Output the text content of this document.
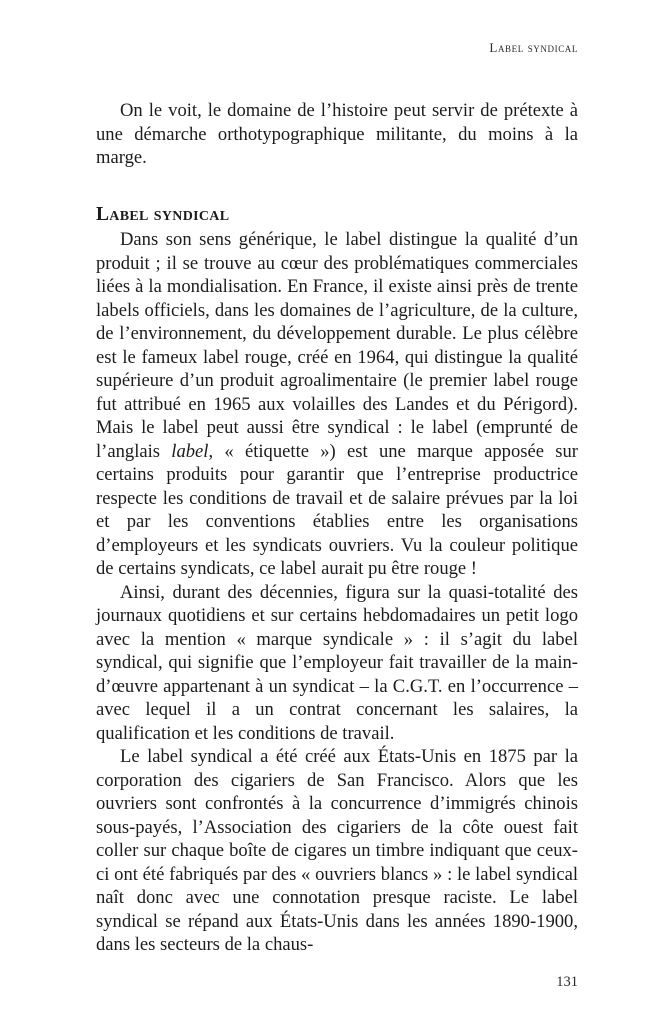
Label syndical

On le voit, le domaine de l’histoire peut servir de prétexte à une démarche orthotypographique militante, du moins à la marge.

Label syndical

Dans son sens générique, le label distingue la qualité d’un produit ; il se trouve au cœur des problématiques commerciales liées à la mondialisation. En France, il existe ainsi près de trente labels officiels, dans les domaines de l’agriculture, de la culture, de l’environnement, du développement durable. Le plus célèbre est le fameux label rouge, créé en 1964, qui distingue la qualité supérieure d’un produit agroalimentaire (le premier label rouge fut attribué en 1965 aux volailles des Landes et du Périgord). Mais le label peut aussi être syndical : le label (emprunté de l’anglais label, « étiquette ») est une marque apposée sur certains produits pour garantir que l’entreprise productrice respecte les conditions de travail et de salaire prévues par la loi et par les conventions établies entre les organisations d’employeurs et les syndicats ouvriers. Vu la couleur politique de certains syndicats, ce label aurait pu être rouge !

Ainsi, durant des décennies, figura sur la quasi-totalité des journaux quotidiens et sur certains hebdomadaires un petit logo avec la mention « marque syndicale » : il s’agit du label syndical, qui signifie que l’employeur fait travailler de la main-d’œuvre appartenant à un syndicat – la C.G.T. en l’occurrence – avec lequel il a un contrat concernant les salaires, la qualification et les conditions de travail.

Le label syndical a été créé aux États-Unis en 1875 par la corporation des cigariers de San Francisco. Alors que les ouvriers sont confrontés à la concurrence d’immigrés chinois sous-payés, l’Association des cigariers de la côte ouest fait coller sur chaque boîte de cigares un timbre indiquant que ceux-ci ont été fabriqués par des « ouvriers blancs » : le label syndical naît donc avec une connotation presque raciste. Le label syndical se répand aux États-Unis dans les années 1890-1900, dans les secteurs de la chaus-

131
